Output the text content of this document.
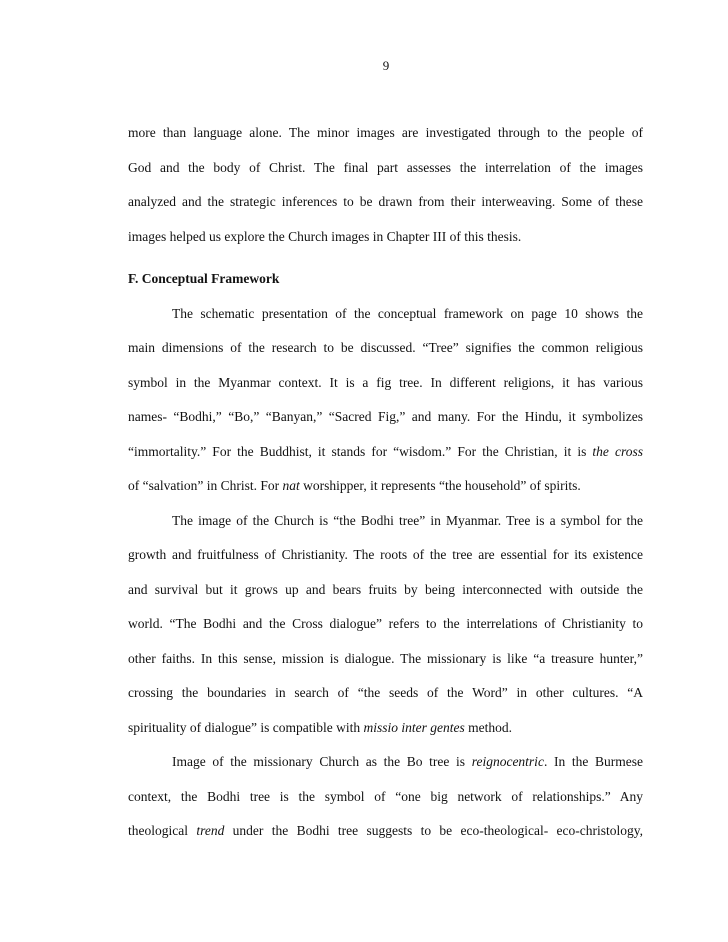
9
more than language alone. The minor images are investigated through to the people of
God and the body of Christ. The final part assesses the interrelation of the images
analyzed and the strategic inferences to be drawn from their interweaving. Some of these
images helped us explore the Church images in Chapter III of this thesis.
F. Conceptual Framework
The schematic presentation of the conceptual framework on page 10 shows the
main dimensions of the research to be discussed. “Tree” signifies the common religious
symbol in the Myanmar context. It is a fig tree. In different religions, it has various
names- “Bodhi,” “Bo,” “Banyan,” “Sacred Fig,” and many. For the Hindu, it symbolizes
“immortality.” For the Buddhist, it stands for “wisdom.” For the Christian, it is the cross
of “salvation” in Christ. For nat worshipper, it represents “the household” of spirits.
The image of the Church is “the Bodhi tree” in Myanmar. Tree is a symbol for the
growth and fruitfulness of Christianity. The roots of the tree are essential for its existence
and survival but it grows up and bears fruits by being interconnected with outside the
world. “The Bodhi and the Cross dialogue” refers to the interrelations of Christianity to
other faiths. In this sense, mission is dialogue. The missionary is like “a treasure hunter,”
crossing the boundaries in search of “the seeds of the Word” in other cultures. “A
spirituality of dialogue” is compatible with missio inter gentes method.
Image of the missionary Church as the Bo tree is reignocentric. In the Burmese
context, the Bodhi tree is the symbol of “one big network of relationships.” Any
theological trend under the Bodhi tree suggests to be eco-theological- eco-christology,
